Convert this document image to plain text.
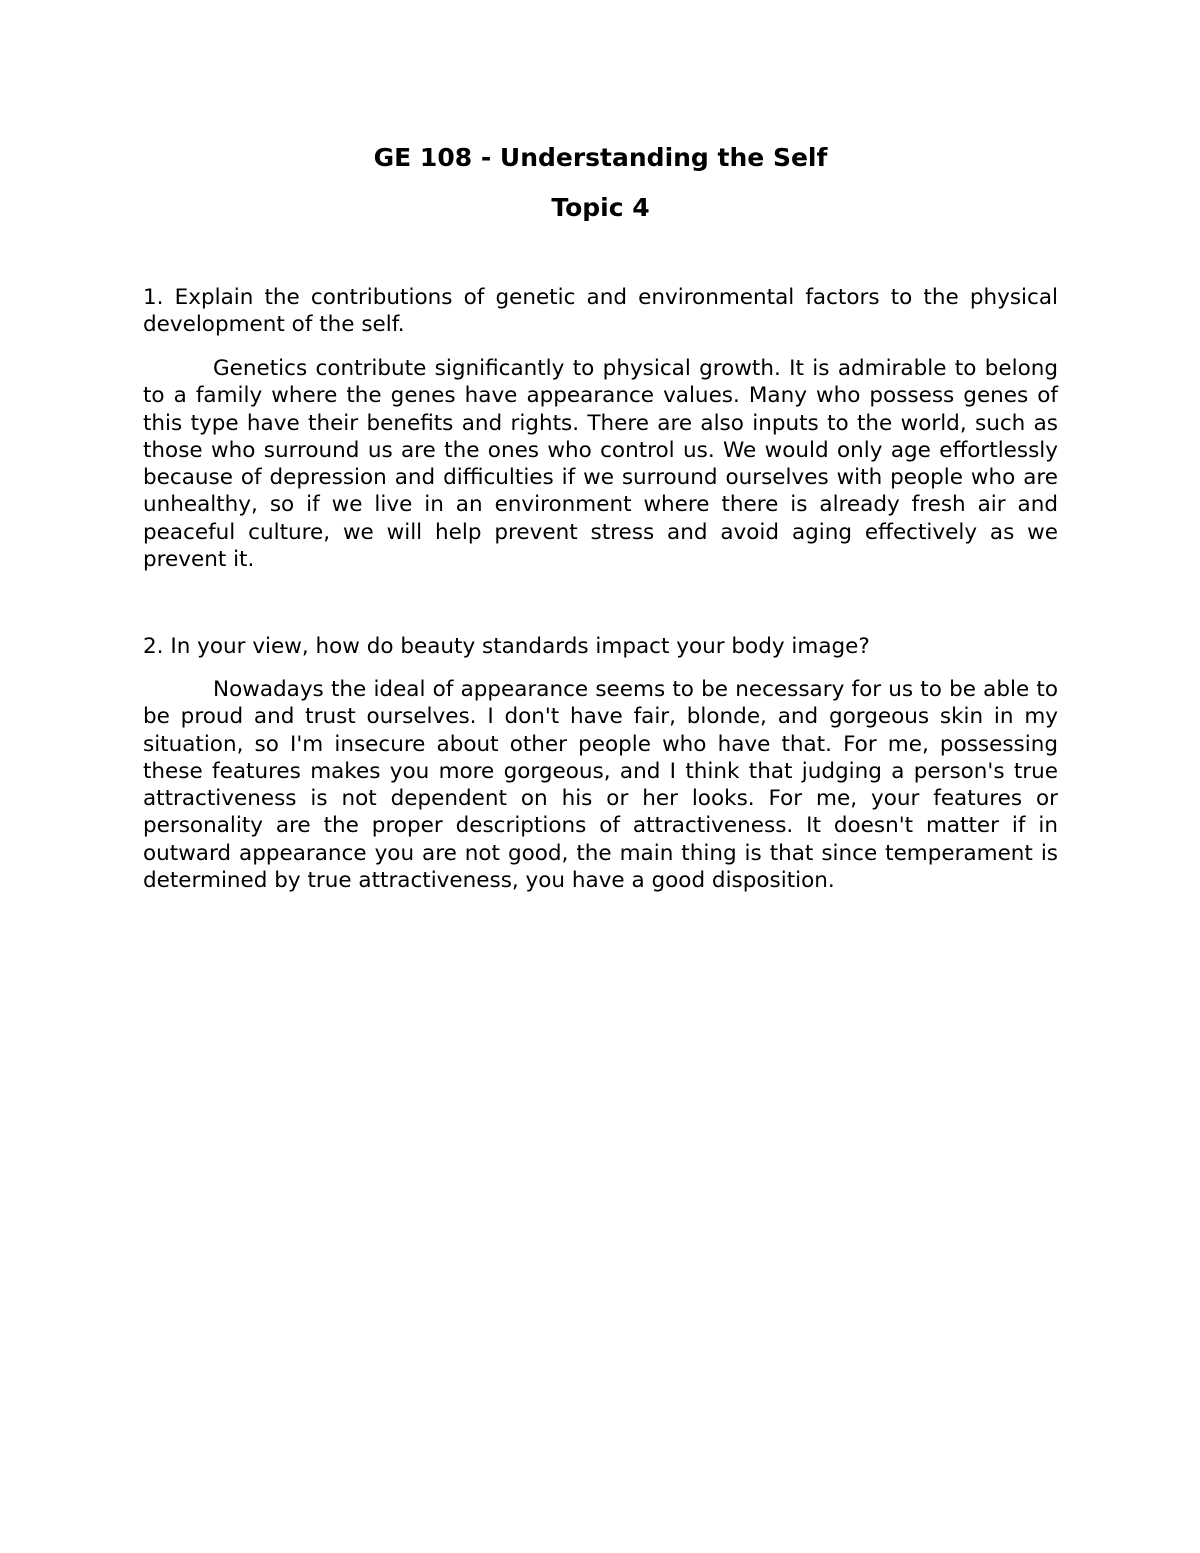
GE 108 - Understanding the Self
Topic 4

1. Explain the contributions of genetic and environmental factors to the physical development of the self.

Genetics contribute significantly to physical growth. It is admirable to belong to a family where the genes have appearance values. Many who possess genes of this type have their benefits and rights. There are also inputs to the world, such as those who surround us are the ones who control us. We would only age effortlessly because of depression and difficulties if we surround ourselves with people who are unhealthy, so if we live in an environment where there is already fresh air and peaceful culture, we will help prevent stress and avoid aging effectively as we prevent it.

2. In your view, how do beauty standards impact your body image?

Nowadays the ideal of appearance seems to be necessary for us to be able to be proud and trust ourselves. I don't have fair, blonde, and gorgeous skin in my situation, so I'm insecure about other people who have that. For me, possessing these features makes you more gorgeous, and I think that judging a person's true attractiveness is not dependent on his or her looks. For me, your features or personality are the proper descriptions of attractiveness. It doesn't matter if in outward appearance you are not good, the main thing is that since temperament is determined by true attractiveness, you have a good disposition.
